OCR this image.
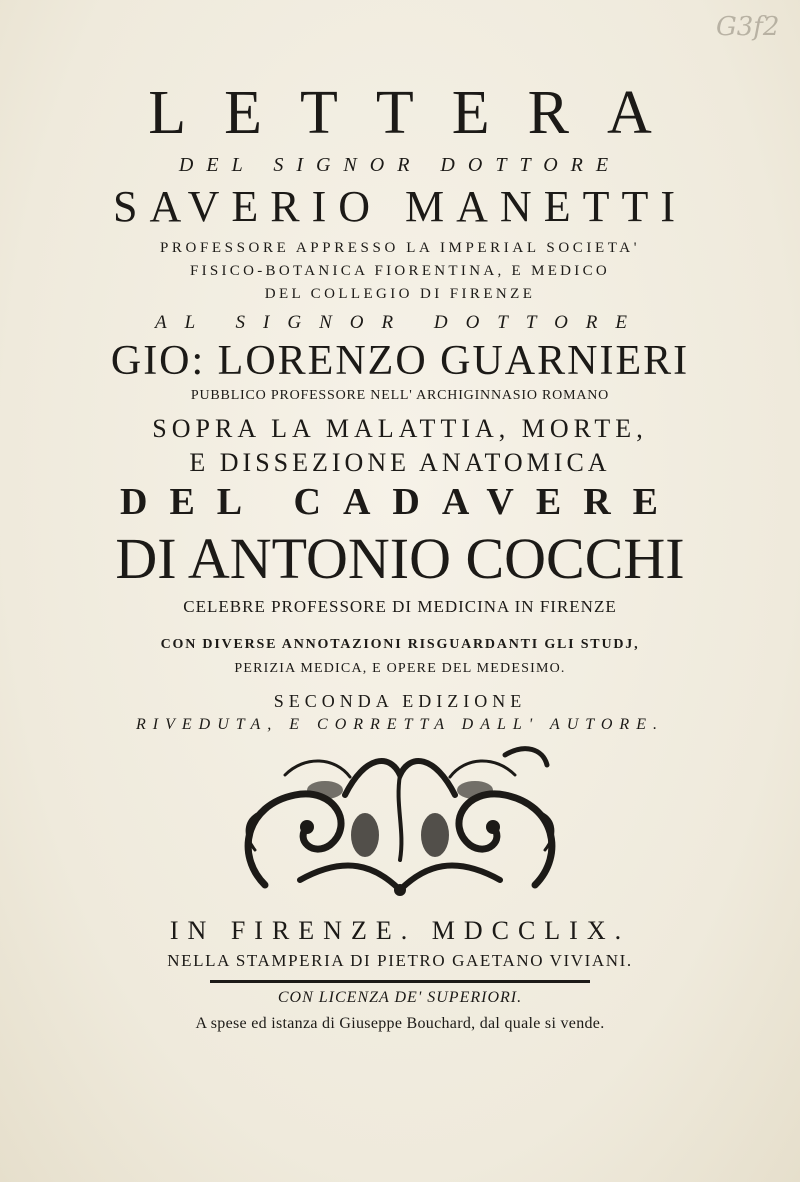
G3f2
LETTERA
DEL SIGNOR DOTTORE
SAVERIO MANETTI
PROFESSORE APPRESSO LA IMPERIAL SOCIETA'
FISICO-BOTANICA FIORENTINA, E MEDICO
DEL COLLEGIO DI FIRENZE
AL SIGNOR DOTTORE
GIO: LORENZO GUARNIERI
PUBBLICO PROFESSORE NELL' ARCHIGINNASIO ROMANO
SOPRA LA MALATTIA, MORTE,
E DISSEZIONE ANATOMICA
DEL CADAVERE
DI ANTONIO COCCHI
CELEBRE PROFESSORE DI MEDICINA IN FIRENZE
CON DIVERSE ANNOTAZIONI RISGUARDANTI GLI STUDJ,
PERIZIA MEDICA, E OPERE DEL MEDESIMO.
SECONDA EDIZIONE
RIVEDUTA, E CORRETTA DALL' AUTORE.
IN FIRENZE. MDCCLIX.
NELLA STAMPERIA DI PIETRO GAETANO VIVIANI.
CON LICENZA DE' SUPERIORI.
A spese ed istanza di Giuseppe Bouchard, dal quale si vende.
